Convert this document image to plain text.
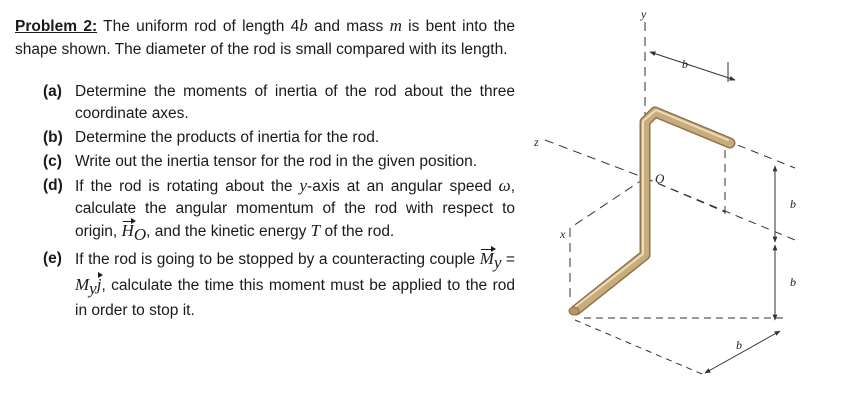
Problem 2: The uniform rod of length 4b and mass m is bent into the shape shown. The diameter of the rod is small compared with its length.

(a) Determine the moments of inertia of the rod about the three coordinate axes.
(b) Determine the products of inertia for the rod.
(c) Write out the inertia tensor for the rod in the given position.
(d) If the rod is rotating about the y-axis at an angular speed ω, calculate the angular momentum of the rod with respect to origin, $H_O$, and the kinetic energy T of the rod.
(e) If the rod is going to be stopped by a counteracting couple $M_y = M_yj$, calculate the time this moment must be applied to the rod in order to stop it.
y
z
x
O
b
b
b
b
